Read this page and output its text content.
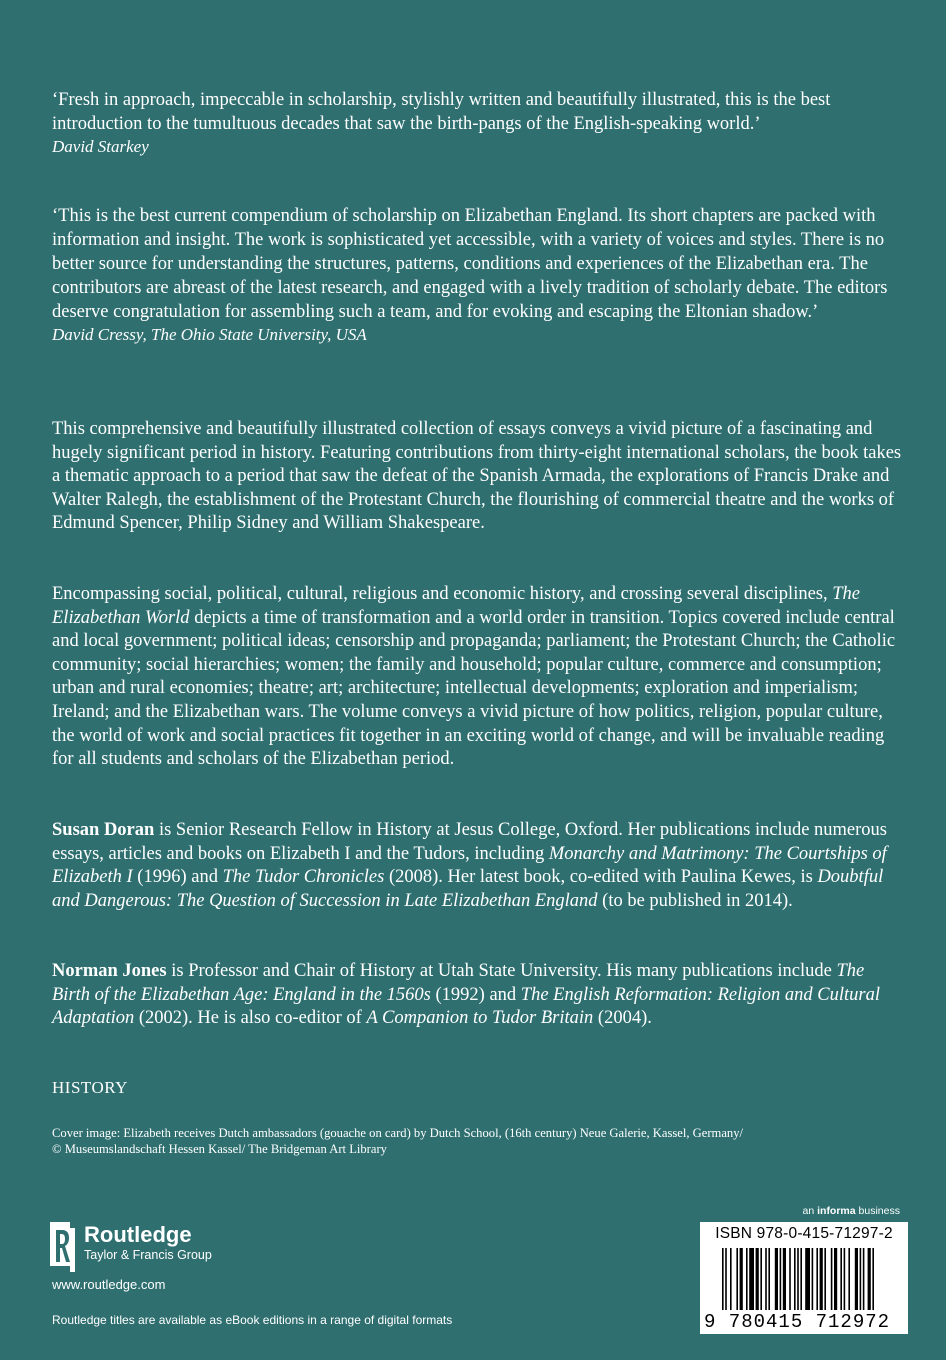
‘Fresh in approach, impeccable in scholarship, stylishly written and beautifully illustrated, this is the best introduction to the tumultuous decades that saw the birth-pangs of the English-speaking world.’

David Starkey

‘This is the best current compendium of scholarship on Elizabethan England. Its short chapters are packed with information and insight. The work is sophisticated yet accessible, with a variety of voices and styles. There is no better source for understanding the structures, patterns, conditions and experiences of the Elizabethan era. The contributors are abreast of the latest research, and engaged with a lively tradition of scholarly debate. The editors deserve congratulation for assembling such a team, and for evoking and escaping the Eltonian shadow.’

David Cressy, The Ohio State University, USA

This comprehensive and beautifully illustrated collection of essays conveys a vivid picture of a fascinating and hugely significant period in history. Featuring contributions from thirty-eight international scholars, the book takes a thematic approach to a period that saw the defeat of the Spanish Armada, the explorations of Francis Drake and Walter Ralegh, the establishment of the Protestant Church, the flourishing of commercial theatre and the works of Edmund Spencer, Philip Sidney and William Shakespeare.

Encompassing social, political, cultural, religious and economic history, and crossing several disciplines, The Elizabethan World depicts a time of transformation and a world order in transition. Topics covered include central and local government; political ideas; censorship and propaganda; parliament; the Protestant Church; the Catholic community; social hierarchies; women; the family and household; popular culture, commerce and consumption; urban and rural economies; theatre; art; architecture; intellectual developments; exploration and imperialism; Ireland; and the Elizabethan wars. The volume conveys a vivid picture of how politics, religion, popular culture, the world of work and social practices fit together in an exciting world of change, and will be invaluable reading for all students and scholars of the Elizabethan period.

Susan Doran is Senior Research Fellow in History at Jesus College, Oxford. Her publications include numerous essays, articles and books on Elizabeth I and the Tudors, including Monarchy and Matrimony: The Courtships of Elizabeth I (1996) and The Tudor Chronicles (2008). Her latest book, co-edited with Paulina Kewes, is Doubtful and Dangerous: The Question of Succession in Late Elizabethan England (to be published in 2014).

Norman Jones is Professor and Chair of History at Utah State University. His many publications include The Birth of the Elizabethan Age: England in the 1560s (1992) and The English Reformation: Religion and Cultural Adaptation (2002). He is also co-editor of A Companion to Tudor Britain (2004).

HISTORY
Cover image: Elizabeth receives Dutch ambassadors (gouache on card) by Dutch School, (16th century) Neue Galerie, Kassel, Germany/
© Museumslandschaft Hessen Kassel/ The Bridgeman Art Library
Routledge
Taylor & Francis Group
www.routledge.com
Routledge titles are available as eBook editions in a range of digital formats
an informa business
ISBN 978-0-415-71297-2
9 780415 712972
